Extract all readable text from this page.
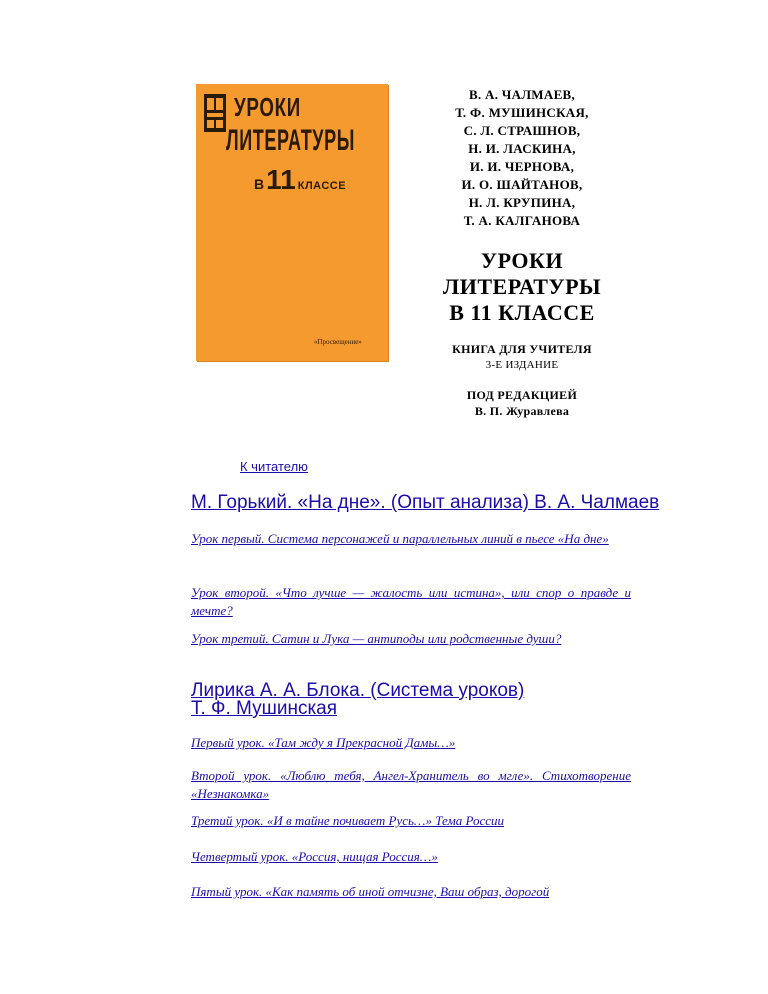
УРОКИ
ЛИТЕРАТУРЫ
В11 КЛАССЕ
«Просвещение»
В. А. ЧАЛМАЕВ,
Т. Ф. МУШИНСКАЯ,
С. Л. СТРАШНОВ,
Н. И. ЛАСКИНА,
И. И. ЧЕРНОВА,
И. О. ШАЙТАНОВ,
Н. Л. КРУПИНА,
Т. А. КАЛГАНОВА
УРОКИ
ЛИТЕРАТУРЫ
В 11 КЛАССЕ
КНИГА ДЛЯ УЧИТЕЛЯ
3-Е ИЗДАНИЕ
ПОД РЕДАКЦИЕЙ
В. П. Журавлева
К читателю
М. Горький. «На дне». (Опыт анализа) В. А. Чалмаев
Урок первый. Система персонажей и параллельных линий в пьесе «На дне»
Урок второй. «Что лучше — жалость или истина», или спор о правде и мечте?
Урок третий. Сатин и Лука — антиподы или родственные души?
Лирика А. А. Блока. (Система уроков)
Т. Ф. Мушинская
Первый урок. «Там жду я Прекрасной Дамы…»
Второй урок. «Люблю тебя, Ангел-Хранитель во мгле». Стихотворение «Незнакомка»
Третий урок. «И в тайне почивает Русь…» Тема России
Четвертый урок. «Россия, нищая Россия…»
Пятый урок. «Как память об иной отчизне, Ваш образ, дорогой
